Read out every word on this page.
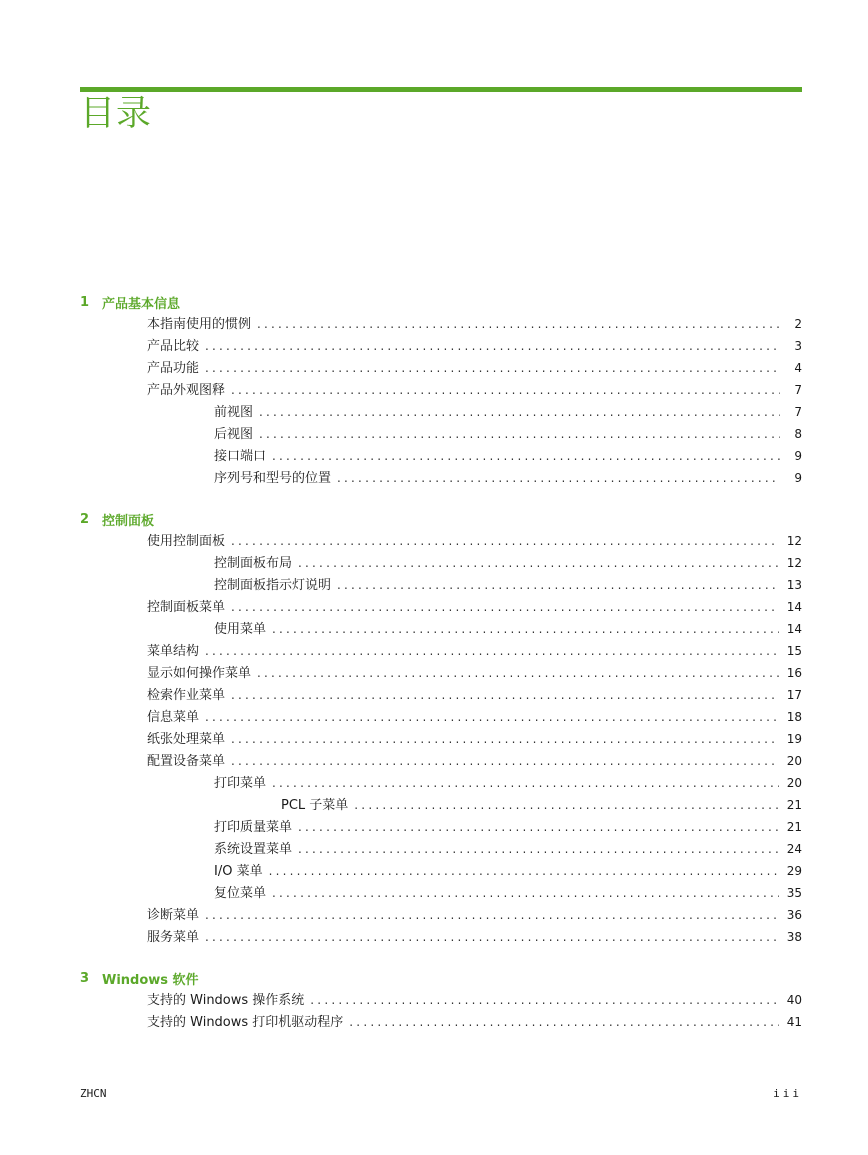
目录
1 产品基本信息
本指南使用的惯例 .....	2
产品比较 .....	3
产品功能 .....	4
产品外观图释 .....	7
前视图 .....	7
后视图 .....	8
接口端口 .....	9
序列号和型号的位置 .....	9
2 控制面板
使用控制面板 .....	12
控制面板布局 .....	12
控制面板指示灯说明 .....	13
控制面板菜单 .....	14
使用菜单 .....	14
菜单结构 .....	15
显示如何操作菜单 .....	16
检索作业菜单 .....	17
信息菜单 .....	18
纸张处理菜单 .....	19
配置设备菜单 .....	20
打印菜单 .....	20
PCL 子菜单 .....	21
打印质量菜单 .....	21
系统设置菜单 .....	24
I/O 菜单 .....	29
复位菜单 .....	35
诊断菜单 .....	36
服务菜单 .....	38
3 Windows 软件
支持的 Windows 操作系统 .....	40
支持的 Windows 打印机驱动程序 .....	41
ZHCN	iii
